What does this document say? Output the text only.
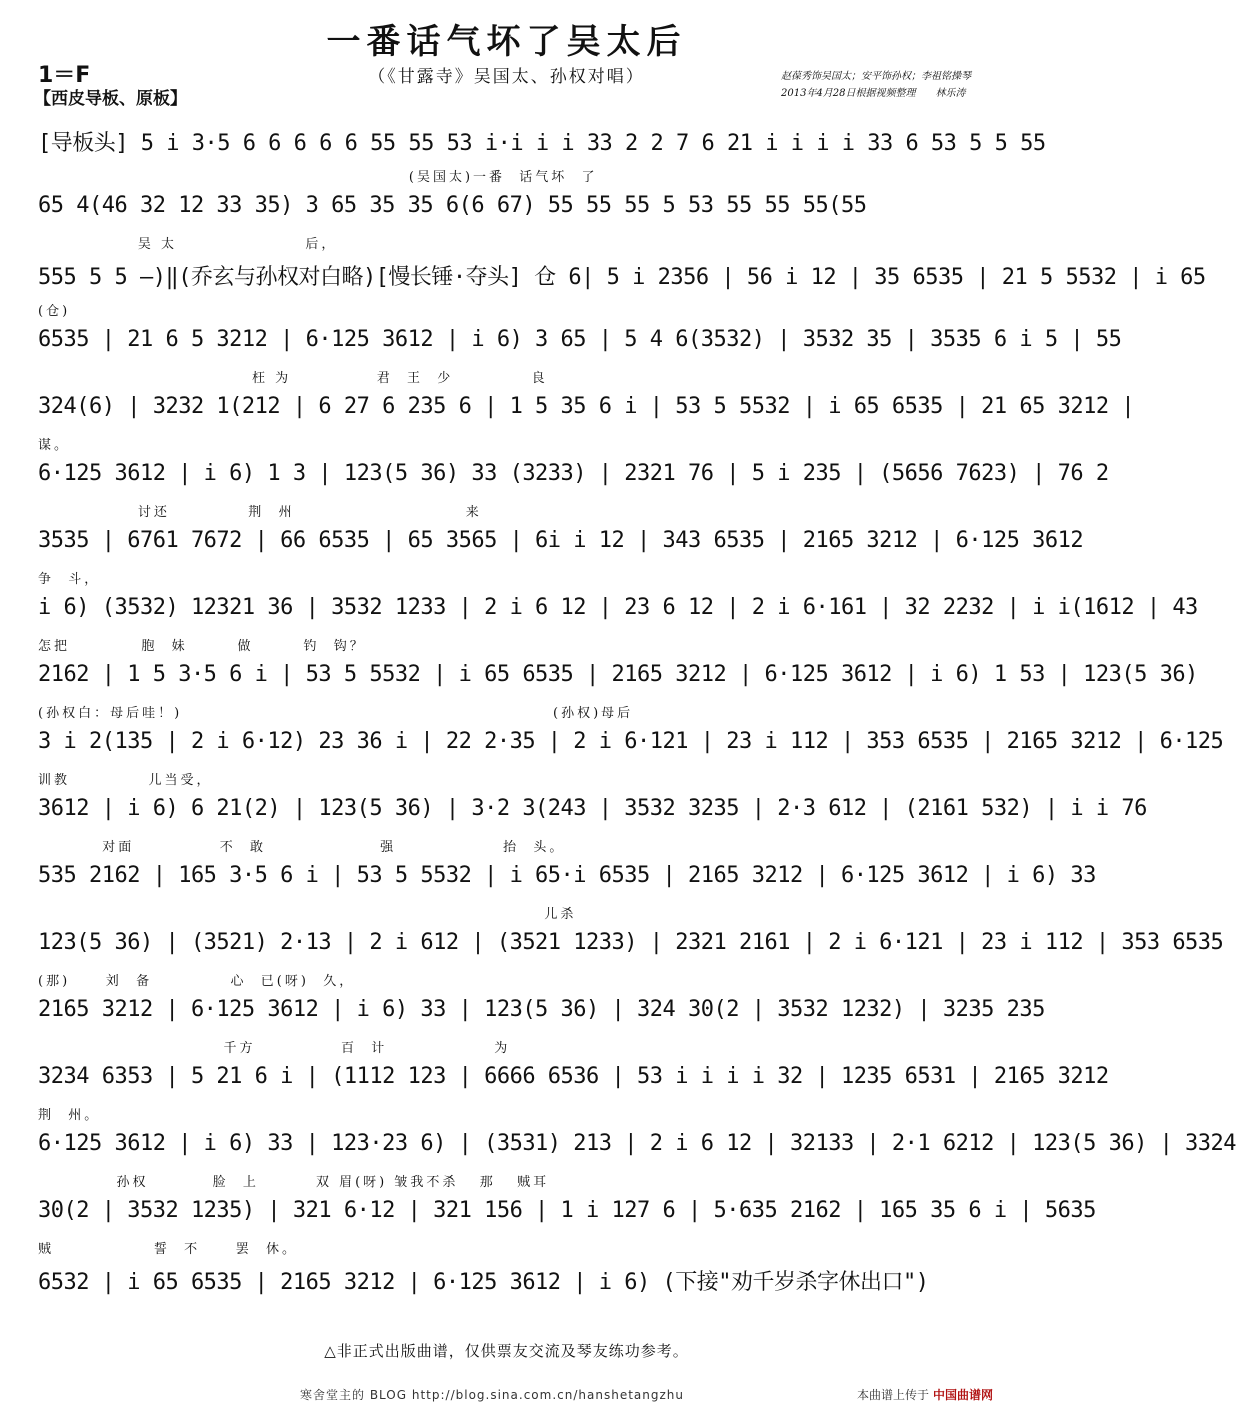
一番话气坏了吴太后
（《甘露寺》吴国太、孙权对唱）
1＝F
【西皮导板、原板】
赵葆秀饰吴国太；安平饰孙权；李祖铭操琴
2013年4月28日根据视频整理　　林乐涛
[导板头] 5 i 3·5 6 6 6 6 6 55 55 53 i·i i i 33 2 2 7 6 21 i i i i 33 6 53 5 5 55
(吴国太)一番  话气坏  了
65 4(46 32 12 33 35) 3 65 35 35 6(6 67) 55 55 55 5 53 55 55 55(55
吴 太                  后，
555 5 5 –)‖(乔玄与孙权对白略)[慢长锤·夺头] 仓 6| 5 i 2356 | 56 i 12 | 35 6535 | 21 5 5532 | i 65
(仓)
6535 | 21 6 5 3212 | 6·125 3612 | i 6) 3 65 | 5 4 6(3532) | 3532 35 | 3535 6 i 5 | 55
枉 为            君  王  少           良
324(6) | 3232 1(212 | 6 27 6 235 6 | 1 5 35 6 i | 53 5 5532 | i 65 6535 | 21 65 3212 |
谋。
6·125 3612 | i 6) 1 3 | 123(5 36) 33 (3233) | 2321 76 | 5 i 235 | (5656 7623) | 76 2
讨还           荆  州                        来
3535 | 6761 7672 | 66 6535 | 65 3565 | 6i i 12 | 343 6535 | 2165 3212 | 6·125 3612
争  斗，
i 6) (3532) 12321 36 | 3532 1233 | 2 i 6 12 | 23 6 12 | 2 i 6·161 | 32 2232 | i i(1612 | 43
怎把          胞  妹       做       钓  钩？
2162 | 1 5 3·5 6 i | 53 5 5532 | i 65 6535 | 2165 3212 | 6·125 3612 | i 6) 1 53 | 123(5 36)
(孙权白：母后哇！)                                                    (孙权)母后
3 i 2(135 | 2 i 6·12) 23 36 i | 22 2·35 | 2 i 6·121 | 23 i 112 | 353 6535 | 2165 3212 | 6·125
训教           儿当受，
3612 | i 6) 6 21(2) | 123(5 36) | 3·2 3(243 | 3532 3235 | 2·3 612 | (2161 532) | i i 76
对面            不  敢                强               抬  头。
535 2162 | 165 3·5 6 i | 53 5 5532 | i 65·i 6535 | 2165 3212 | 6·125 3612 | i 6) 33
儿杀
123(5 36) | (3521) 2·13 | 2 i 612 | (3521 1233) | 2321 2161 | 2 i 6·121 | 23 i 112 | 353 6535
(那)     刘  备           心  已(呀)  久，
2165 3212 | 6·125 3612 | i 6) 33 | 123(5 36) | 324 30(2 | 3532 1232) | 3235 235
千方            百  计               为
3234 6353 | 5 21 6 i | (1112 123 | 6666 6536 | 53 i i i i 32 | 1235 6531 | 2165 3212
荆  州。
6·125 3612 | i 6) 33 | 123·23 6) | (3531) 213 | 2 i 6 12 | 32133 | 2·1 6212 | 123(5 36) | 3324
孙权         脸  上        双 眉(呀) 皱我不杀   那   贼耳
30(2 | 3532 1235) | 321 6·12 | 321 156 | 1 i 127 6 | 5·635 2162 | 165 35 6 i | 5635
贼              誓  不     罢  休。
6532 | i 65 6535 | 2165 3212 | 6·125 3612 | i 6) (下接"劝千岁杀字休出口")
△非正式出版曲谱，仅供票友交流及琴友练功参考。
寒舍堂主的 BLOG http://blog.sina.com.cn/hanshetangzhu	本曲谱上传于 中国曲谱网
